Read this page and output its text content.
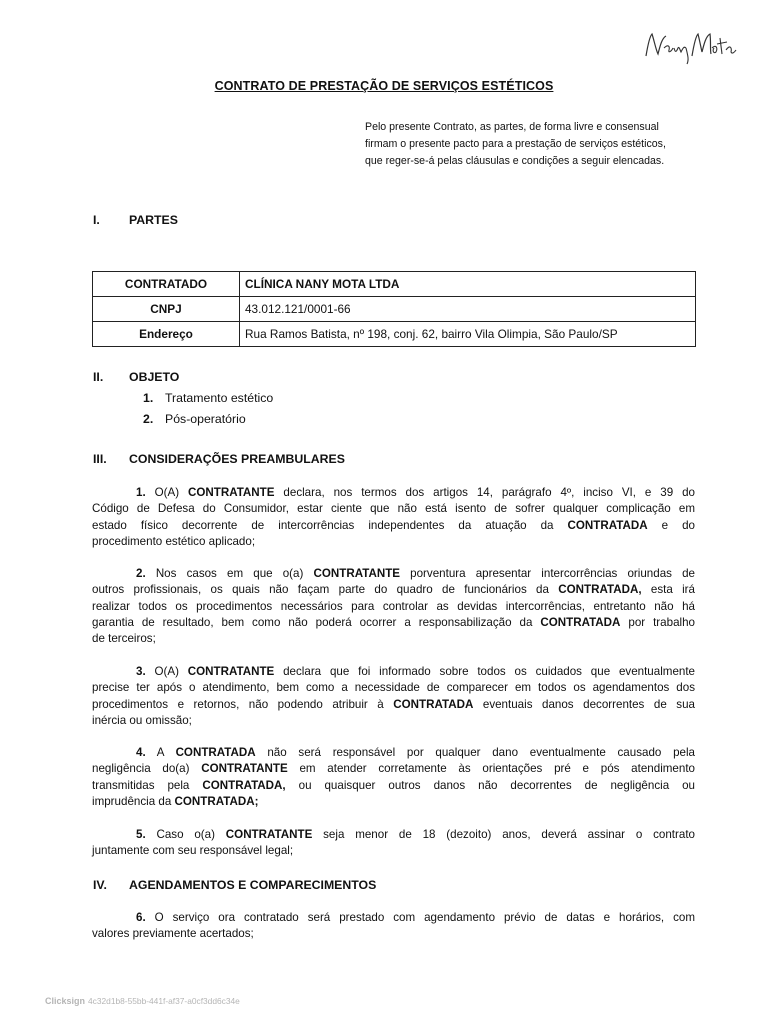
CONTRATO DE PRESTAÇÃO DE SERVIÇOS ESTÉTICOS
Pelo presente Contrato, as partes, de forma livre e consensual
firmam o presente pacto para a prestação de serviços estéticos,
que reger-se-á pelas cláusulas e condições a seguir elencadas.
I.	PARTES
CONTRATADO	CLÍNICA NANY MOTA LTDA
CNPJ	43.012.121/0001-66
Endereço	Rua Ramos Batista, nº 198, conj. 62, bairro Vila Olimpia, São Paulo/SP
II.	OBJETO
1. Tratamento estético
2. Pós-operatório
III.	CONSIDERAÇÕES PREAMBULARES
1. O(A) CONTRATANTE declara, nos termos dos artigos 14, parágrafo 4º, inciso VI, e 39 do
Código de Defesa do Consumidor, estar ciente que não está isento de sofrer qualquer complicação em
estado físico decorrente de intercorrências independentes da atuação da CONTRATADA e do
procedimento estético aplicado;
2. Nos casos em que o(a) CONTRATANTE porventura apresentar intercorrências oriundas de
outros profissionais, os quais não façam parte do quadro de funcionários da CONTRATADA, esta irá
realizar todos os procedimentos necessários para controlar as devidas intercorrências, entretanto não há
garantia de resultado, bem como não poderá ocorrer a responsabilização da CONTRATADA por trabalho
de terceiros;
3. O(A) CONTRATANTE declara que foi informado sobre todos os cuidados que eventualmente
precise ter após o atendimento, bem como a necessidade de comparecer em todos os agendamentos dos
procedimentos e retornos, não podendo atribuir à CONTRATADA eventuais danos decorrentes de sua
inércia ou omissão;
4. A CONTRATADA não será responsável por qualquer dano eventualmente causado pela
negligência do(a) CONTRATANTE em atender corretamente às orientações pré e pós atendimento
transmitidas pela CONTRATADA, ou quaisquer outros danos não decorrentes de negligência ou
imprudência da CONTRATADA;
5. Caso o(a) CONTRATANTE seja menor de 18 (dezoito) anos, deverá assinar o contrato
juntamente com seu responsável legal;
IV.	AGENDAMENTOS E COMPARECIMENTOS
6. O serviço ora contratado será prestado com agendamento prévio de datas e horários, com
valores previamente acertados;
Clicksign 4c32d1b8-55bb-441f-af37-a0cf3dd6c34e
